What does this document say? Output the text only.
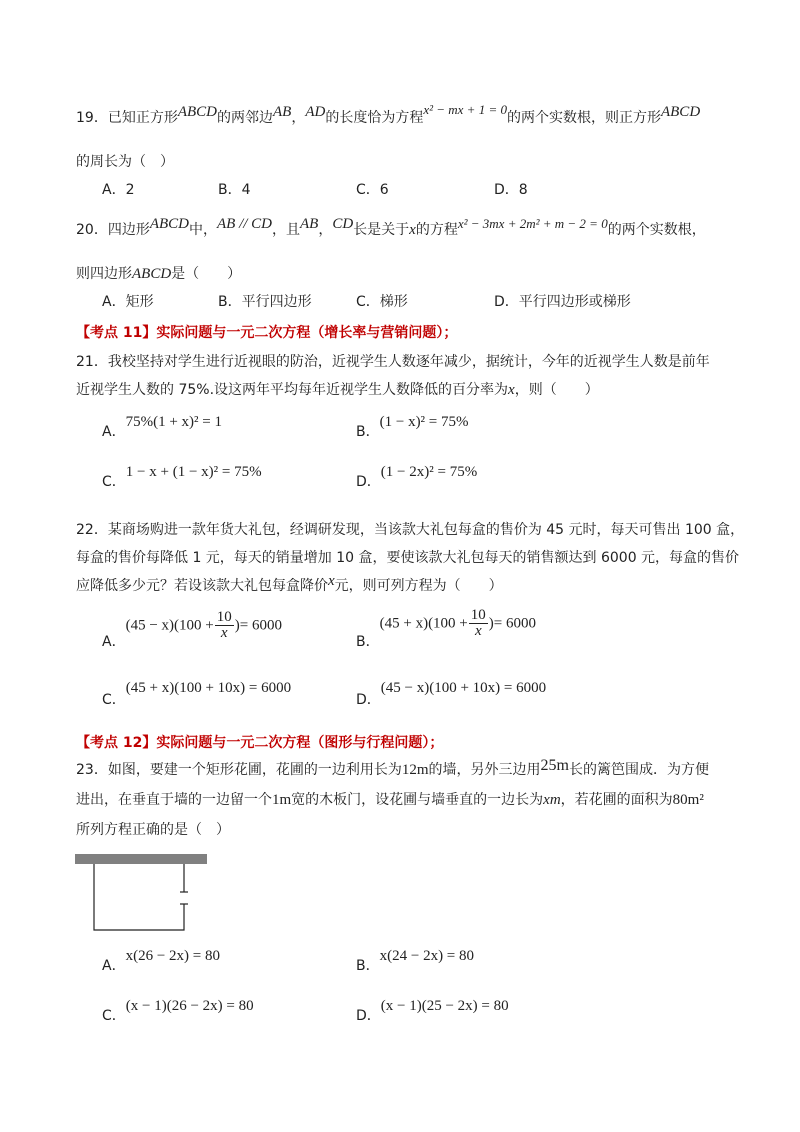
19．已知正方形ABCD的两邻边AB，AD的长度恰为方程x² − mx + 1 = 0的两个实数根，则正方形ABCD
的周长为（　）
A．2	B．4	C．6	D．8
20．四边形ABCD中，AB // CD，且AB，CD长是关于x的方程x² − 3mx + 2m² + m − 2 = 0的两个实数根，
则四边形ABCD是（　　）
A．矩形	B．平行四边形	C．梯形	D．平行四边形或梯形
【考点 11】实际问题与一元二次方程（增长率与营销问题）；
21．我校坚持对学生进行近视眼的防治，近视学生人数逐年减少，据统计，今年的近视学生人数是前年
近视学生人数的 75%.设这两年平均每年近视学生人数降低的百分率为x，则（　　）
A．75%(1 + x)² = 1
B．(1 − x)² = 75%
C．1 − x + (1 − x)² = 75%
D．(1 − 2x)² = 75%
22．某商场购进一款年货大礼包，经调研发现，当该款大礼包每盒的售价为 45 元时，每天可售出 100 盒，
每盒的售价每降低 1 元，每天的销量增加 10 盒，要使该款大礼包每天的销售额达到 6000 元，每盒的售价
应降低多少元？若设该款大礼包每盒降价x元，则可列方程为（　　）
A．$(45 - x)(100 + \frac{10}{x}$ )= 6000
B．$(45 + x)(100 + \frac{10}{x}$ )= 6000
C．(45 + x)(100 + 10x) = 6000
D．(45 − x)(100 + 10x) = 6000
【考点 12】实际问题与一元二次方程（图形与行程问题）；
23．如图，要建一个矩形花圃，花圃的一边利用长为12m的墙，另外三边用25m长的篱笆围成．为方便
进出，在垂直于墙的一边留一个1m宽的木板门，设花圃与墙垂直的一边长为xm，若花圃的面积为80m²
所列方程正确的是（　）
A．x(26 − 2x) = 80
B．x(24 − 2x) = 80
C．(x − 1)(26 − 2x) = 80
D．(x − 1)(25 − 2x) = 80
